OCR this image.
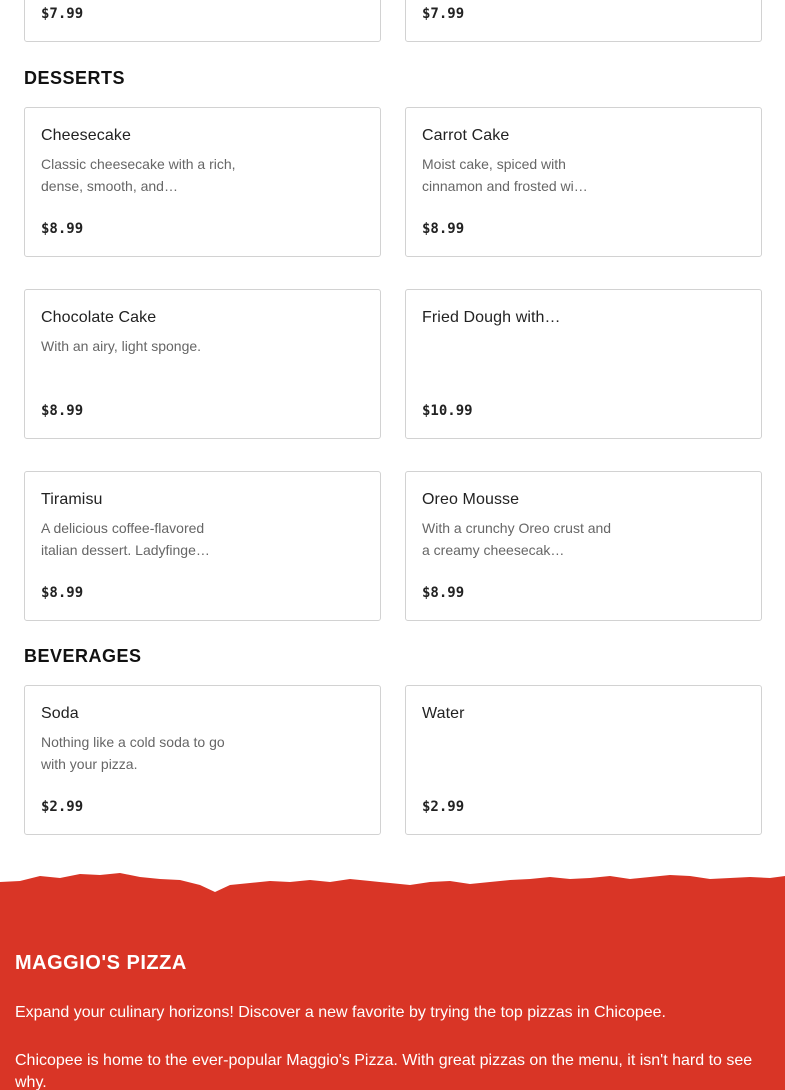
$7.99	$7.99
DESSERTS
Cheesecake
Classic cheesecake with a rich, dense, smooth, and…
$8.99
Carrot Cake
Moist cake, spiced with cinnamon and frosted wi…
$8.99
Chocolate Cake
With an airy, light sponge.
$8.99
Fried Dough with…
$10.99
Tiramisu
A delicious coffee-flavored italian dessert. Ladyfinge…
$8.99
Oreo Mousse
With a crunchy Oreo crust and a creamy cheesecak…
$8.99
BEVERAGES
Soda
Nothing like a cold soda to go with your pizza.
$2.99
Water
$2.99
MAGGIO'S PIZZA
Expand your culinary horizons! Discover a new favorite by trying the top pizzas in Chicopee.
Chicopee is home to the ever-popular Maggio's Pizza. With great pizzas on the menu, it isn't hard to see why.
